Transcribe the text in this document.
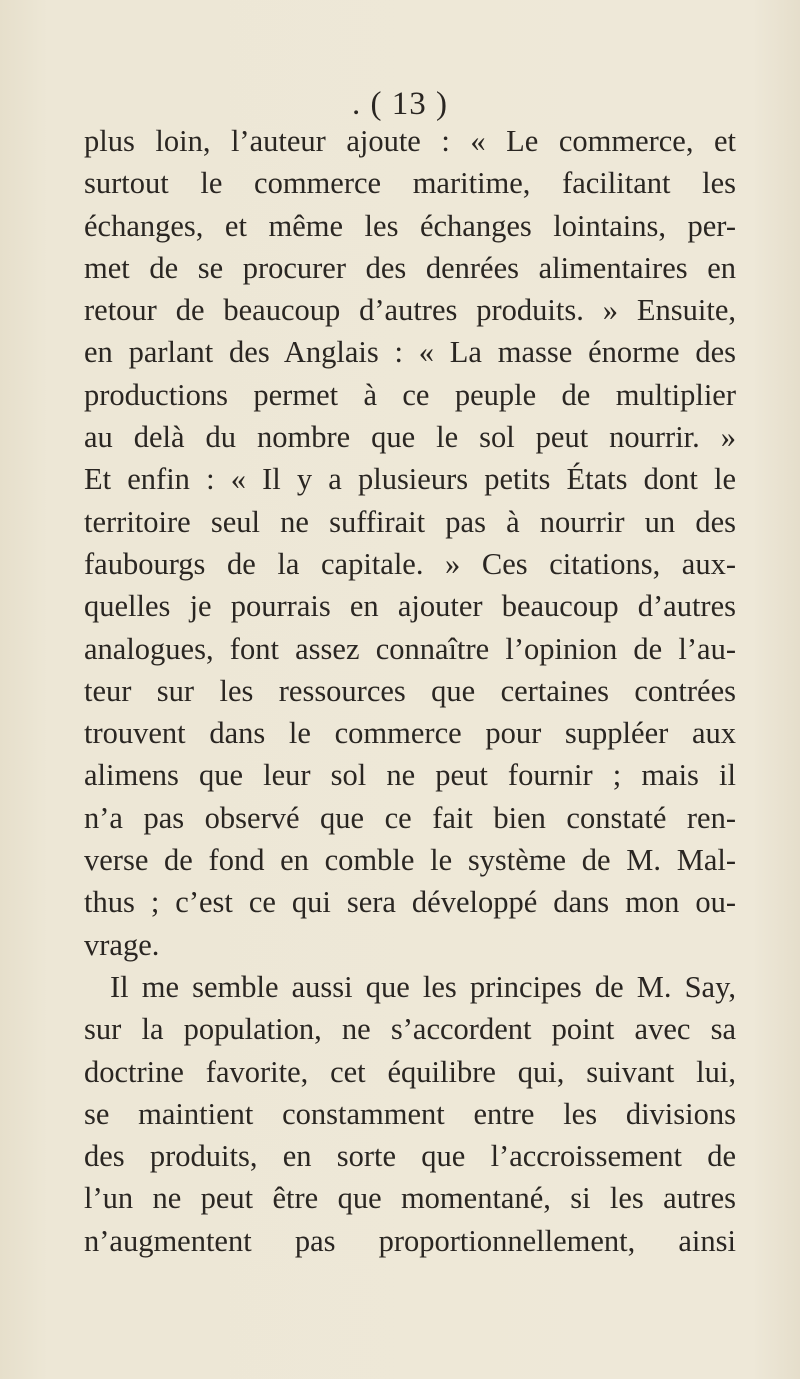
. ( 13 )
plus loin, l’auteur ajoute : « Le commerce, et
surtout le commerce maritime, facilitant les
échanges, et même les échanges lointains, per-
met de se procurer des denrées alimentaires en
retour de beaucoup d’autres produits. » Ensuite,
en parlant des Anglais : « La masse énorme des
productions permet à ce peuple de multiplier
au delà du nombre que le sol peut nourrir. »
Et enfin : « Il y a plusieurs petits États dont le
territoire seul ne suffirait pas à nourrir un des
faubourgs de la capitale. » Ces citations, aux-
quelles je pourrais en ajouter beaucoup d’autres
analogues, font assez connaître l’opinion de l’au-
teur sur les ressources que certaines contrées
trouvent dans le commerce pour suppléer aux
alimens que leur sol ne peut fournir ; mais il
n’a pas observé que ce fait bien constaté ren-
verse de fond en comble le système de M. Mal-
thus ; c’est ce qui sera développé dans mon ou-
vrage.
Il me semble aussi que les principes de M. Say,
sur la population, ne s’accordent point avec sa
doctrine favorite, cet équilibre qui, suivant lui,
se maintient constamment entre les divisions
des produits, en sorte que l’accroissement de
l’un ne peut être que momentané, si les autres
n’augmentent pas proportionnellement, ainsi
